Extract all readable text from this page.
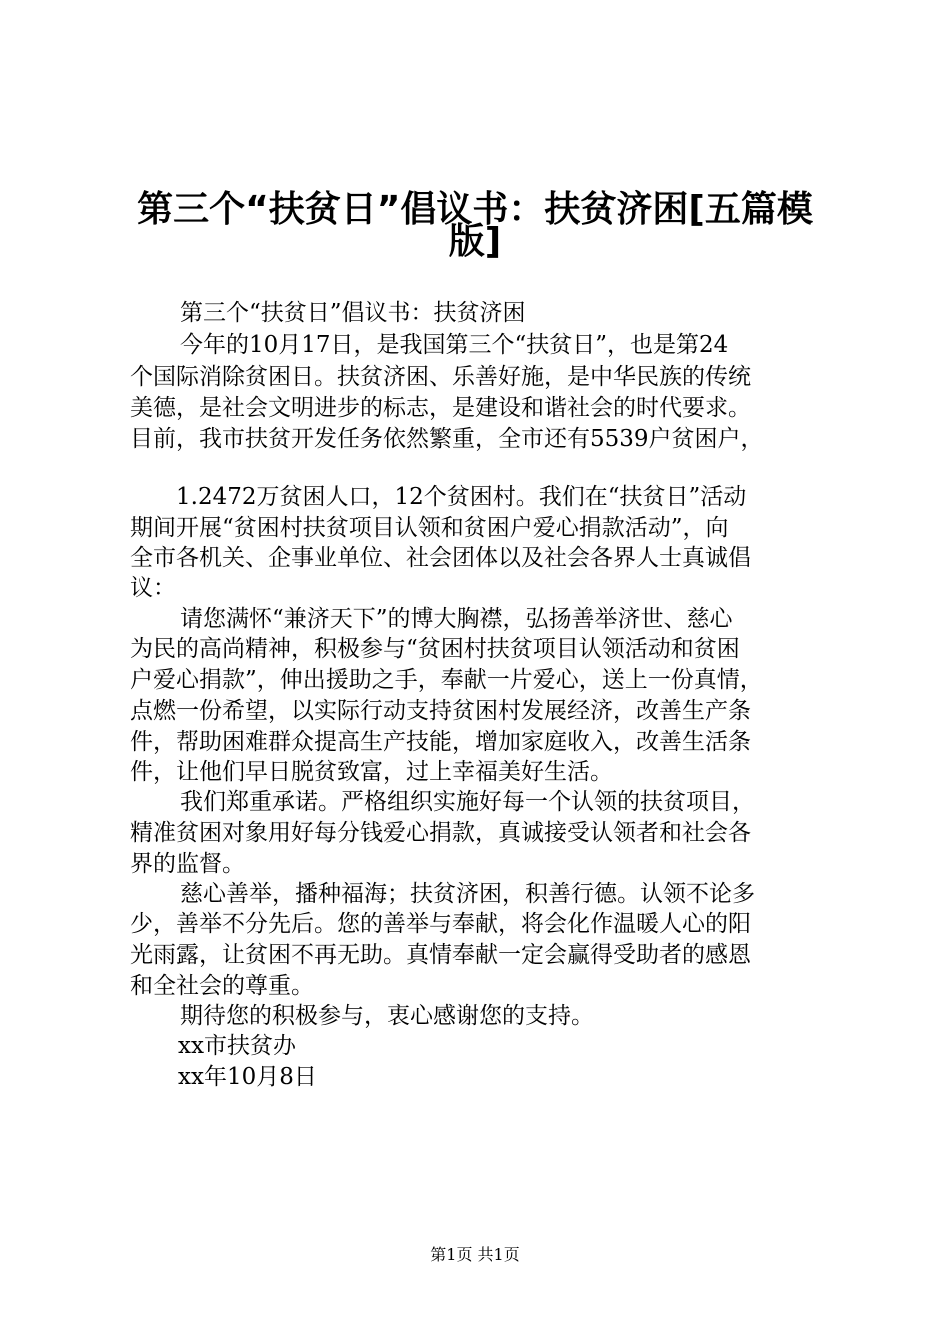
第三个“扶贫日”倡议书：扶贫济困[五篇模
版]

第三个“扶贫日”倡议书：扶贫济困

今年的10月17日，是我国第三个“扶贫日”，也是第24

个国际消除贫困日。扶贫济困、乐善好施，是中华民族的传统

美德，是社会文明进步的标志，是建设和谐社会的时代要求。

目前，我市扶贫开发任务依然繁重，全市还有5539户贫困户，

1.2472万贫困人口，12个贫困村。我们在“扶贫日”活动

期间开展“贫困村扶贫项目认领和贫困户爱心捐款活动”，向

全市各机关、企事业单位、社会团体以及社会各界人士真诚倡

议：

请您满怀“兼济天下”的博大胸襟，弘扬善举济世、慈心

为民的高尚精神，积极参与“贫困村扶贫项目认领活动和贫困

户爱心捐款”，伸出援助之手，奉献一片爱心，送上一份真情，

点燃一份希望，以实际行动支持贫困村发展经济，改善生产条

件，帮助困难群众提高生产技能，增加家庭收入，改善生活条

件，让他们早日脱贫致富，过上幸福美好生活。

我们郑重承诺。严格组织实施好每一个认领的扶贫项目，

精准贫困对象用好每分钱爱心捐款，真诚接受认领者和社会各

界的监督。

慈心善举，播种福海；扶贫济困，积善行德。认领不论多

少，善举不分先后。您的善举与奉献，将会化作温暖人心的阳

光雨露，让贫困不再无助。真情奉献一定会赢得受助者的感恩

和全社会的尊重。

期待您的积极参与，衷心感谢您的支持。

xx市扶贫办

xx年10月8日

第1页 共1页
